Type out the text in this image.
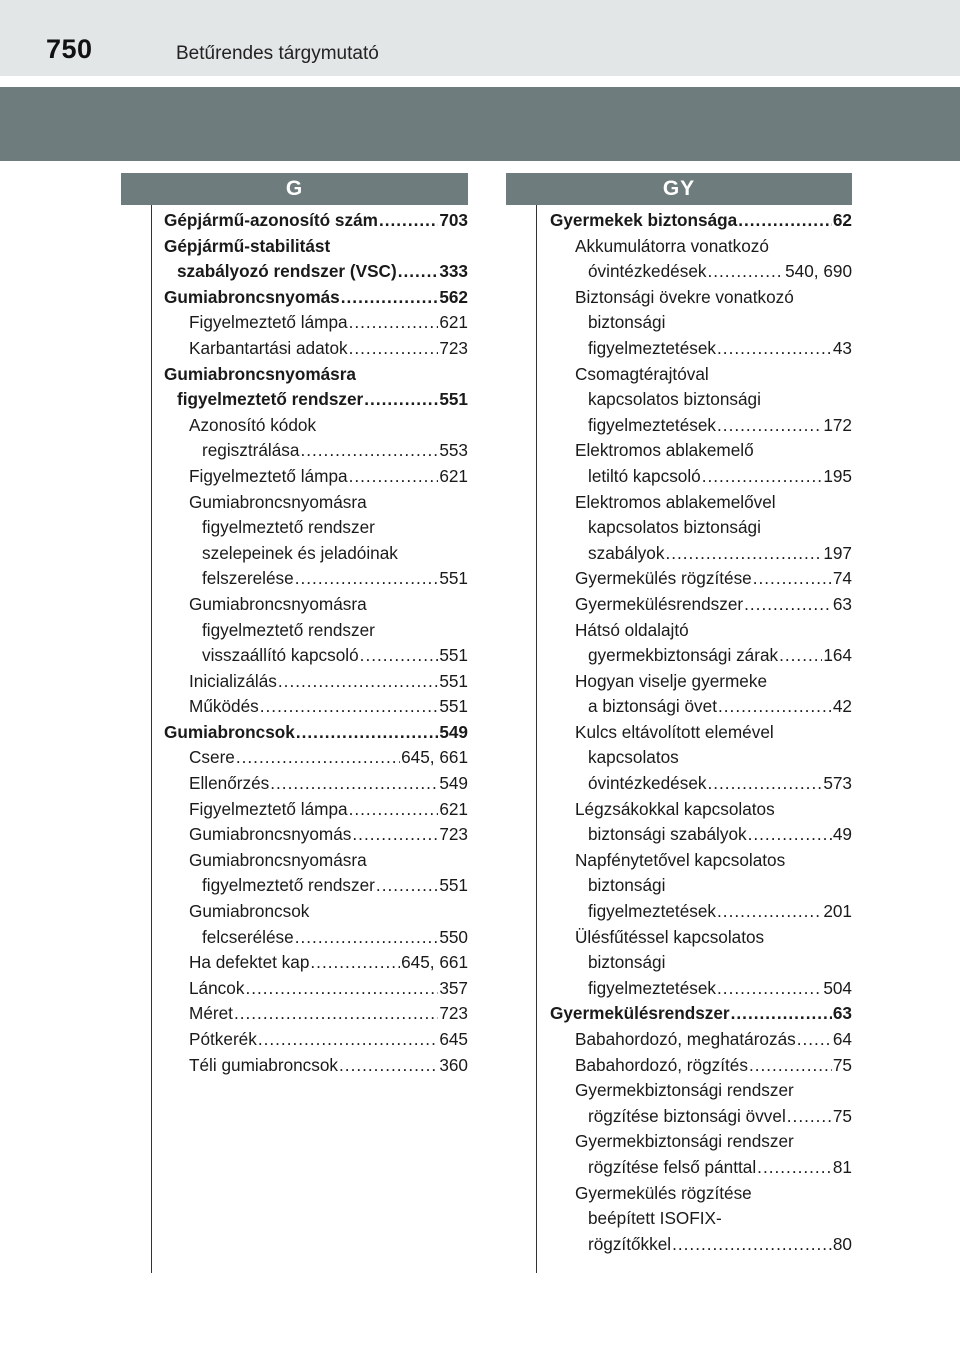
750	Betűrendes tárgymutató
G
Gépjármű-azonosító szám .....	703
Gépjármű-stabilitást
szabályozó rendszer (VSC) ..... 333
Gumiabroncsnyomás .....	562
Figyelmeztető lámpa .....	621
Karbantartási adatok .....	723
Gumiabroncsnyomásra
figyelmeztető rendszer .....	551
Azonosító kódok
regisztrálása .....	553
Figyelmeztető lámpa .....	621
Gumiabroncsnyomásra
figyelmeztető rendszer
szelepeinek és jeladóinak
felszerelése .....	551
Gumiabroncsnyomásra
figyelmeztető rendszer
visszaállító kapcsoló .....	551
Inicializálás .....	551
Működés .....	551
Gumiabroncsok .....	549
Csere .....	645, 661
Ellenőrzés .....	549
Figyelmeztető lámpa .....	621
Gumiabroncsnyomás .....	723
Gumiabroncsnyomásra
figyelmeztető rendszer .....	551
Gumiabroncsok
felcserélése .....	550
Ha defektet kap .....	645, 661
Láncok .....	357
Méret .....	723
Pótkerék .....	645
Téli gumiabroncsok .....	360
GY
Gyermekek biztonsága .....	62
Akkumulátorra vonatkozó
óvintézkedések .....	540, 690
Biztonsági övekre vonatkozó
biztonsági
figyelmeztetések .....	43
Csomagtérajtóval
kapcsolatos biztonsági
figyelmeztetések .....	172
Elektromos ablakemelő
letiltó kapcsoló .....	195
Elektromos ablakemelővel
kapcsolatos biztonsági
szabályok .....	197
Gyermekülés rögzítése .....	74
Gyermekülésrendszer .....	63
Hátsó oldalajtó
gyermekbiztonsági zárak .....	164
Hogyan viselje gyermeke
a biztonsági övet .....	42
Kulcs eltávolított elemével
kapcsolatos
óvintézkedések .....	573
Légzsákokkal kapcsolatos
biztonsági szabályok .....	49
Napfénytetővel kapcsolatos
biztonsági
figyelmeztetések .....	201
Ülésfűtéssel kapcsolatos
biztonsági
figyelmeztetések .....	504
Gyermekülésrendszer .....	63
Babahordozó, meghatározás ..... 64
Babahordozó, rögzítés .....	75
Gyermekbiztonsági rendszer
rögzítése biztonsági övvel .....	75
Gyermekbiztonsági rendszer
rögzítése felső pánttal .....	81
Gyermekülés rögzítése
beépített ISOFIX-
rögzítőkkel .....	80
